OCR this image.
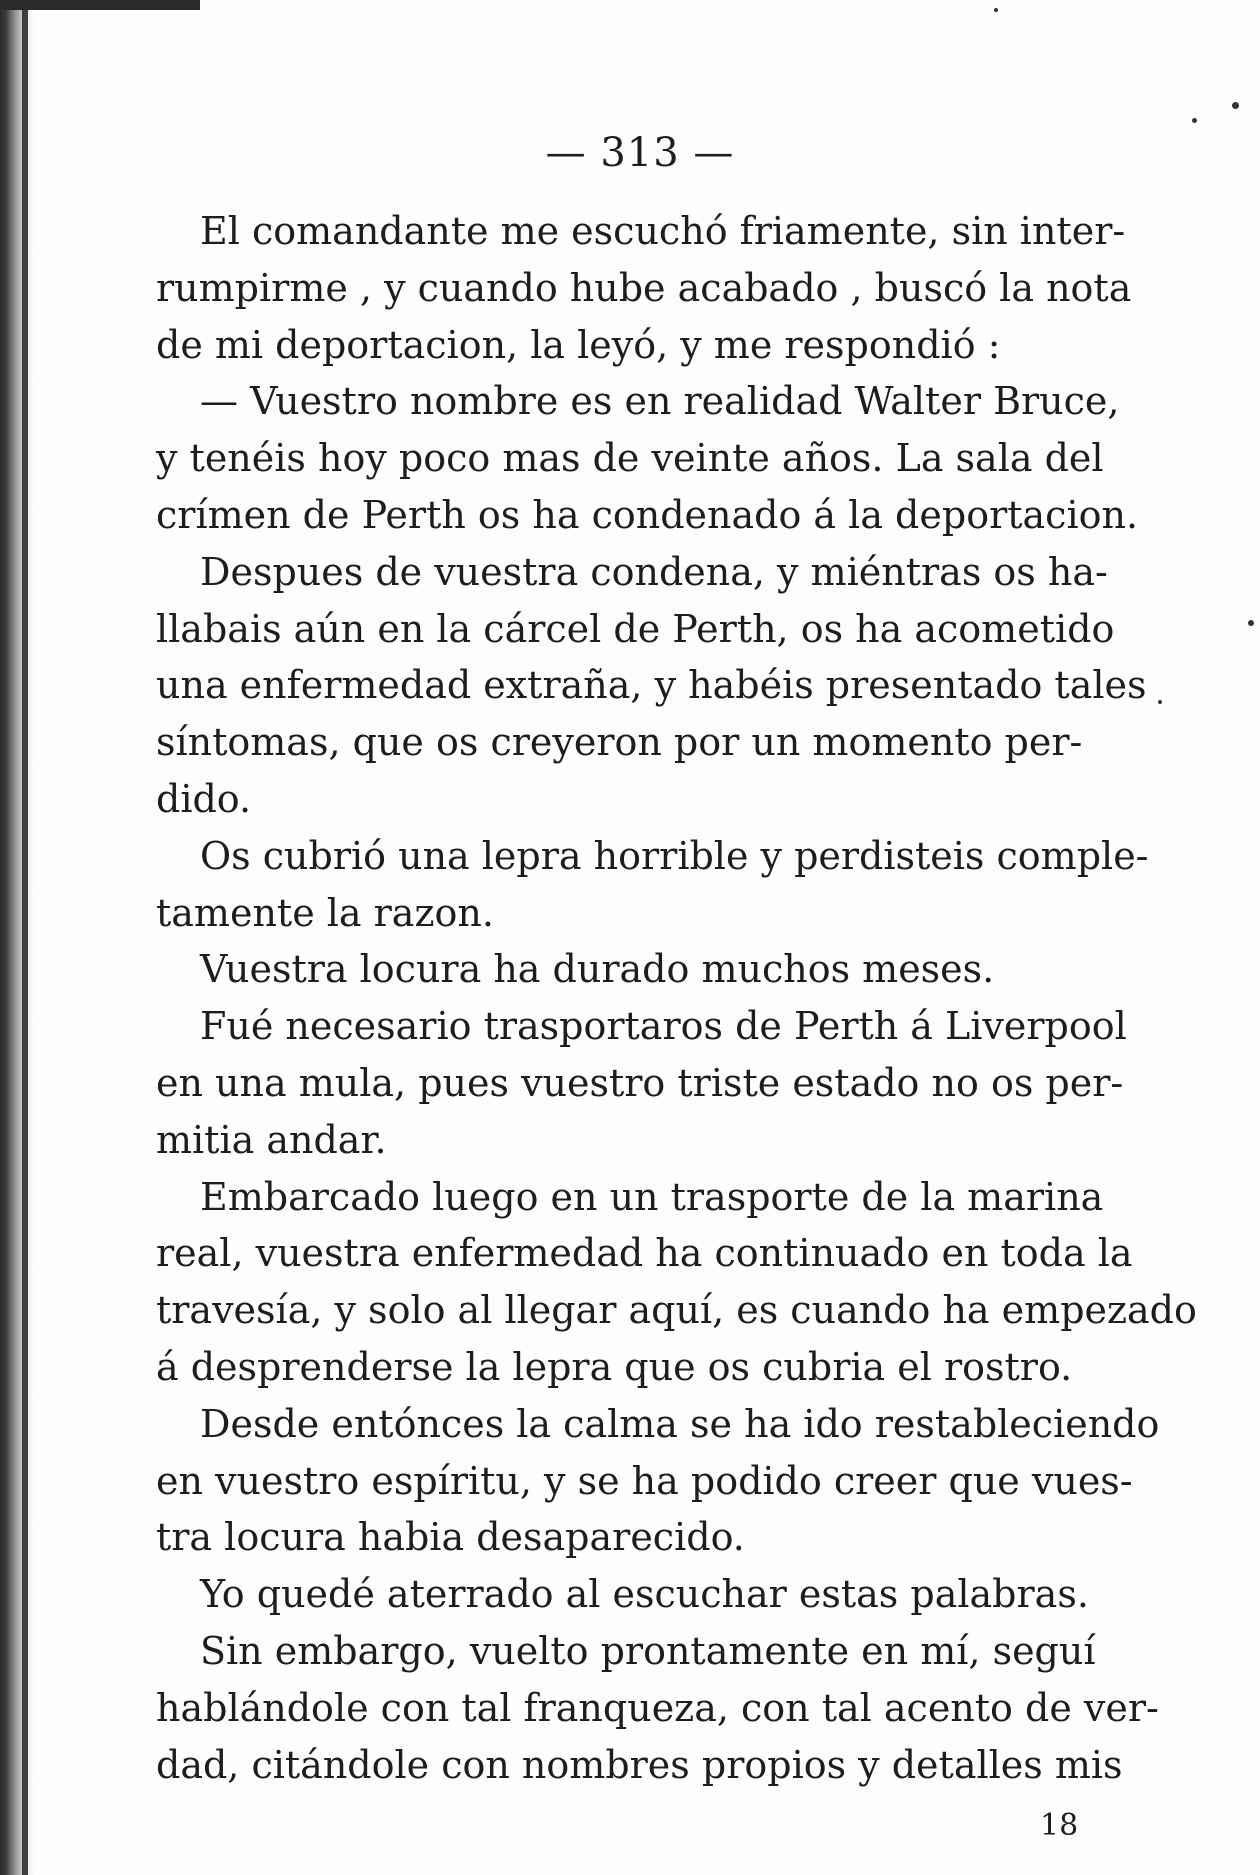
— 313 —
El comandante me escuchó friamente, sin inter-
rumpirme , y cuando hube acabado , buscó la nota
de mi deportacion, la leyó, y me respondió :
— Vuestro nombre es en realidad Walter Bruce,
y tenéis hoy poco mas de veinte años. La sala del
crímen de Perth os ha condenado á la deportacion.
Despues de vuestra condena, y miéntras os ha-
llabais aún en la cárcel de Perth, os ha acometido
una enfermedad extraña, y habéis presentado tales
síntomas, que os creyeron por un momento per-
dido.
Os cubrió una lepra horrible y perdisteis comple-
tamente la razon.
Vuestra locura ha durado muchos meses.
Fué necesario trasportaros de Perth á Liverpool
en una mula, pues vuestro triste estado no os per-
mitia andar.
Embarcado luego en un trasporte de la marina
real, vuestra enfermedad ha continuado en toda la
travesía, y solo al llegar aquí, es cuando ha empezado
á desprenderse la lepra que os cubria el rostro.
Desde entónces la calma se ha ido restableciendo
en vuestro espíritu, y se ha podido creer que vues-
tra locura habia desaparecido.
Yo quedé aterrado al escuchar estas palabras.
Sin embargo, vuelto prontamente en mí, seguí
hablándole con tal franqueza, con tal acento de ver-
dad, citándole con nombres propios y detalles mis
18
